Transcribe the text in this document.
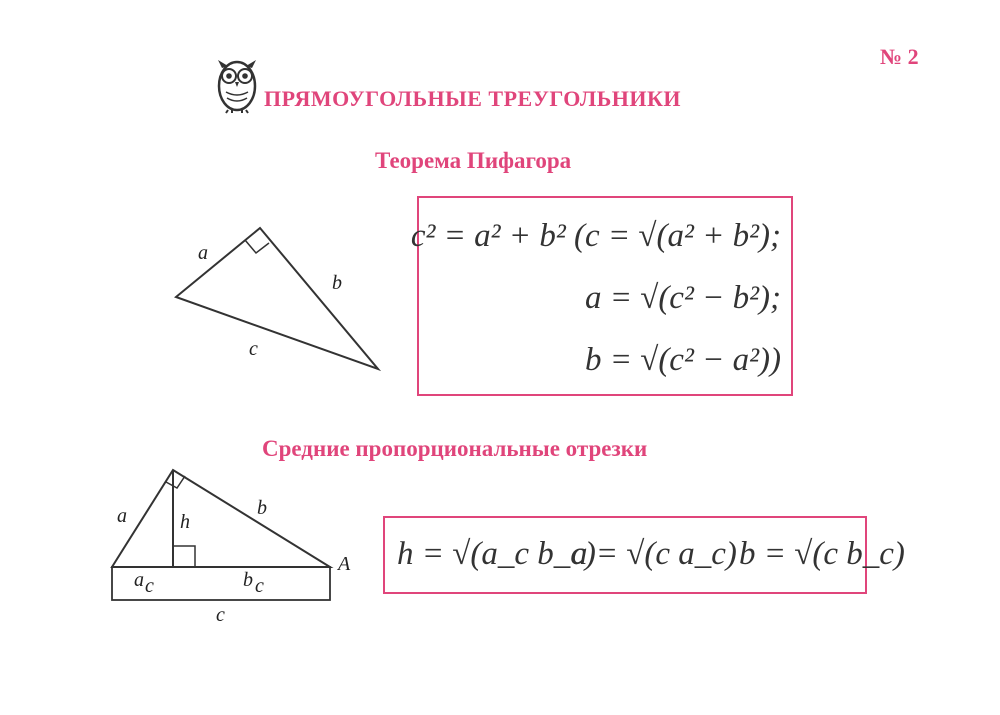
№ 2
ПРЯМОУГОЛЬНЫЕ ТРЕУГОЛЬНИКИ
Теорема Пифагора
Средние пропорциональные отрезки
a
b
c
a	h
b
A
a c	b c
c
c² = a² + b² (c = √(a² + b²);
a = √(c² − b²);
b = √(c² − a²))
h = √(a_c b_c)
a = √(c a_c) b = √(c b_c)
